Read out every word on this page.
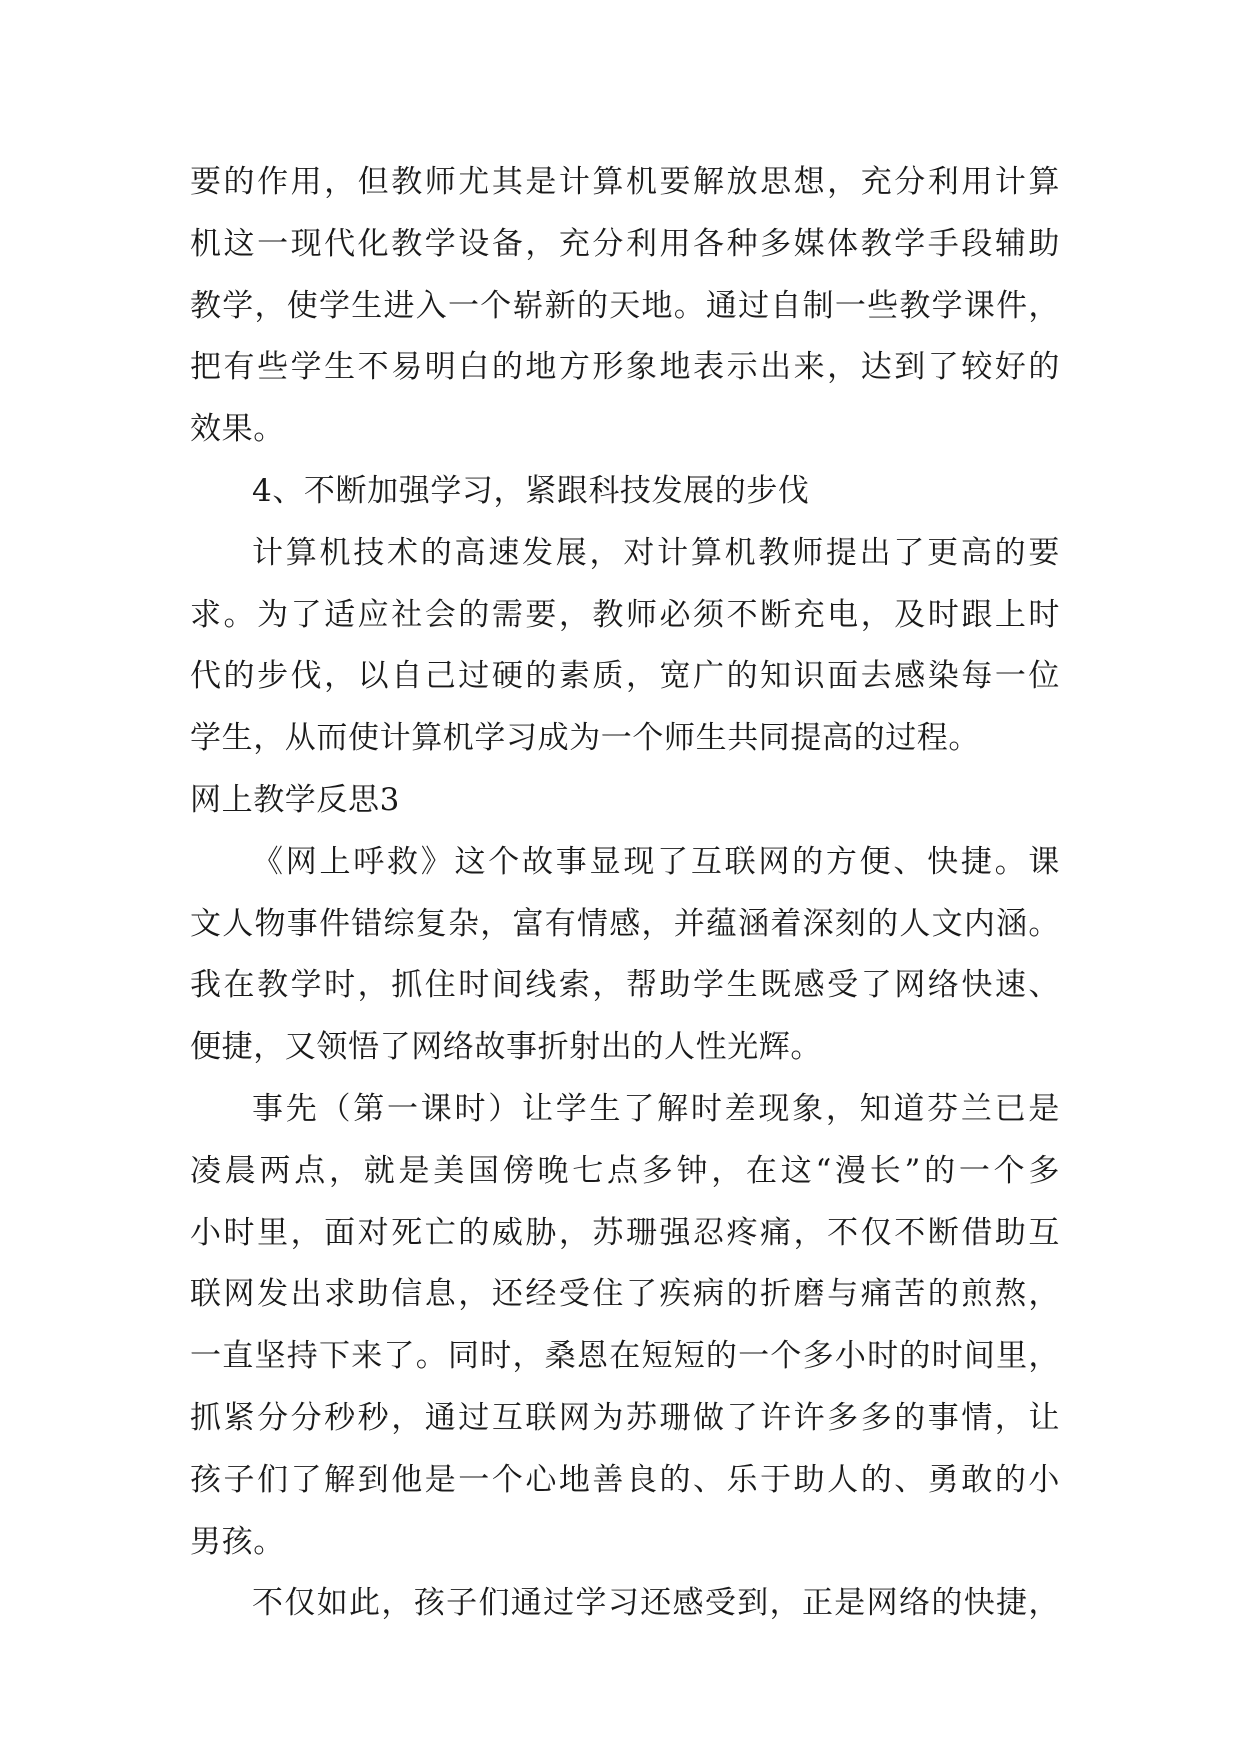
要的作用，但教师尤其是计算机要解放思想，充分利用计算
机这一现代化教学设备，充分利用各种多媒体教学手段辅助
教学，使学生进入一个崭新的天地。通过自制一些教学课件，
把有些学生不易明白的地方形象地表示出来，达到了较好的
效果。
4、不断加强学习，紧跟科技发展的步伐
计算机技术的高速发展，对计算机教师提出了更高的要
求。为了适应社会的需要，教师必须不断充电，及时跟上时
代的步伐，以自己过硬的素质，宽广的知识面去感染每一位
学生，从而使计算机学习成为一个师生共同提高的过程。
网上教学反思3
《网上呼救》这个故事显现了互联网的方便、快捷。课
文人物事件错综复杂，富有情感，并蕴涵着深刻的人文内涵。
我在教学时，抓住时间线索，帮助学生既感受了网络快速、
便捷，又领悟了网络故事折射出的人性光辉。
事先（第一课时）让学生了解时差现象，知道芬兰已是
凌晨两点，就是美国傍晚七点多钟，在这“漫长”的一个多
小时里，面对死亡的威胁，苏珊强忍疼痛，不仅不断借助互
联网发出求助信息，还经受住了疾病的折磨与痛苦的煎熬，
一直坚持下来了。同时，桑恩在短短的一个多小时的时间里，
抓紧分分秒秒，通过互联网为苏珊做了许许多多的事情，让
孩子们了解到他是一个心地善良的、乐于助人的、勇敢的小
男孩。
不仅如此，孩子们通过学习还感受到，正是网络的快捷，
